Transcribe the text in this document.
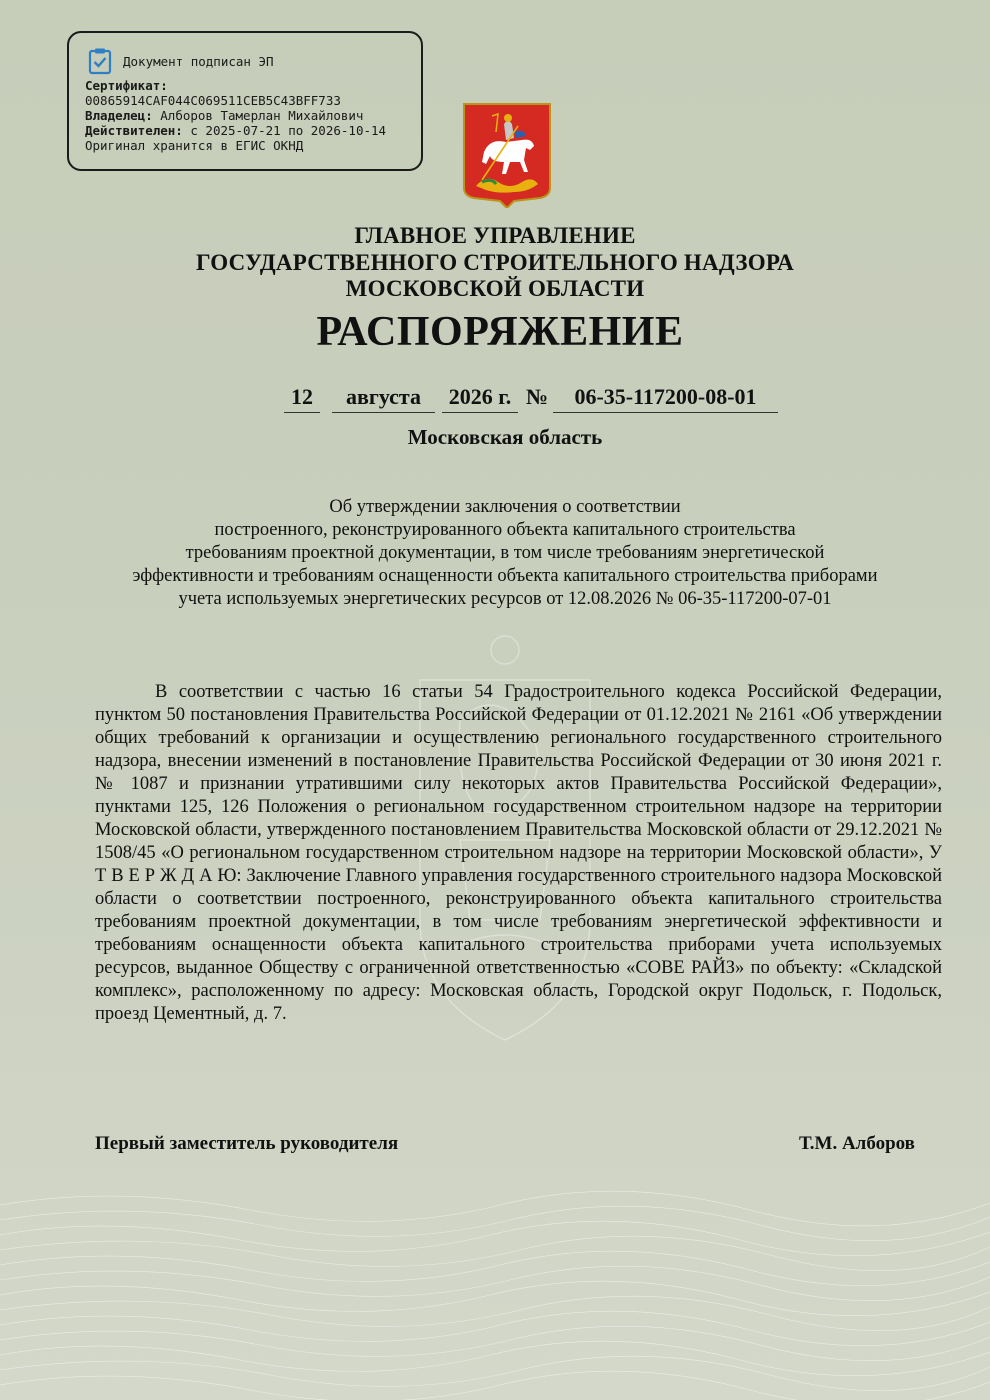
Документ подписан ЭП
Сертификат:
00865914CAF044C069511CEB5C43BFF733
Владелец: Алборов Тамерлан Михайлович
Действителен: с 2025-07-21 по 2026-10-14
Оригинал хранится в ЕГИС ОКНД
ГЛАВНОЕ УПРАВЛЕНИЕ
ГОСУДАРСТВЕННОГО СТРОИТЕЛЬНОГО НАДЗОРА
МОСКОВСКОЙ ОБЛАСТИ
РАСПОРЯЖЕНИЕ
12	августа	2026 г. №	06-35-117200-08-01
Московская область
Об утверждении заключения о соответствии
построенного, реконструированного объекта капитального строительства
требованиям проектной документации, в том числе требованиям энергетической
эффективности и требованиям оснащенности объекта капитального строительства приборами
учета используемых энергетических ресурсов от 12.08.2026 № 06-35-117200-07-01
В соответствии с частью 16 статьи 54 Градостроительного кодекса Российской Федерации, пунктом 50 постановления Правительства Российской Федерации от 01.12.2021 № 2161 «Об утверждении общих требований к организации и осуществлению регионального государственного строительного надзора, внесении изменений в постановление Правительства Российской Федерации от 30 июня 2021 г. № 1087 и признании утратившими силу некоторых актов Правительства Российской Федерации», пунктами 125, 126 Положения о региональном государственном строительном надзоре на территории Московской области, утвержденного постановлением Правительства Московской области от 29.12.2021 № 1508/45 «О региональном государственном строительном надзоре на территории Московской области», У Т В Е Р Ж Д А Ю: Заключение Главного управления государственного строительного надзора Московской области о соответствии построенного, реконструированного объекта капитального строительства требованиям проектной документации, в том числе требованиям энергетической эффективности и требованиям оснащенности объекта капитального строительства приборами учета используемых ресурсов, выданное Обществу с ограниченной ответственностью «СОВЕ РАЙЗ» по объекту: «Складской комплекс», расположенному по адресу: Московская область, Городской округ Подольск, г. Подольск, проезд Цементный, д. 7.
Первый заместитель руководителя	Т.М. Алборов
